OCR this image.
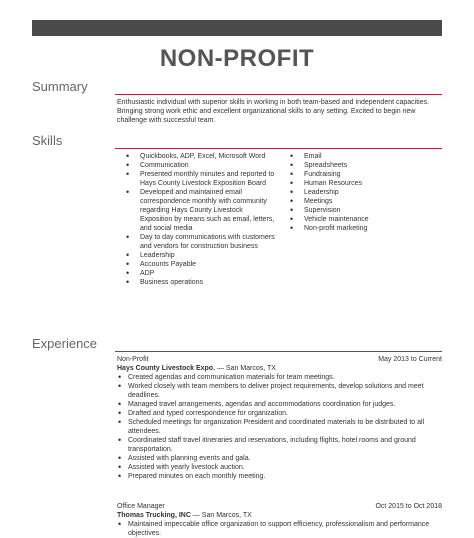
NON-PROFIT
Summary
Enthusiastic individual with superior skills in working in both team-based and independent capacities. Bringing strong work ethic and excellent organizational skills to any setting. Excited to begin new challenge with successful team.
Skills
• Quickbooks, ADP, Excel, Microsoft Word
• Communication
• Presented monthly minutes and reported to Hays County Livestock Exposition Board
• Developed and maintained email correspondence monthly with community regarding Hays County Livestock Exposition by means such as email, letters, and social media
• Day to day communications with customers and vendors for construction business
• Leadership
• Accounts Payable
• ADP
• Business operations
• Email
• Spreadsheets
• Fundraising
• Human Resources
• Leadership
• Meetings
• Supervision
• Vehicle maintenance
• Non-profit marketing
Experience
Non-Profit	May 2013 to Current
Hays County Livestock Expo. — San Marcos, TX
• Created agendas and communication materials for team meetings.
• Worked closely with team members to deliver project requirements, develop solutions and meet deadlines.
• Managed travel arrangements, agendas and accommodations coordination for judges.
• Drafted and typed correspondence for organization.
• Scheduled meetings for organization President and coordinated materials to be distributed to all attendees.
• Coordinated staff travel itineraries and reservations, including flights, hotel rooms and ground transportation.
• Assisted with planning events and gala.
• Assisted with yearly livestock auction.
• Prepared minutes on each monthly meeting.
Office Manager	Oct 2015 to Oct 2018
Thomas Trucking, INC — San Marcos, TX
• Maintained impeccable office organization to support efficiency, professionalism and performance objectives.
